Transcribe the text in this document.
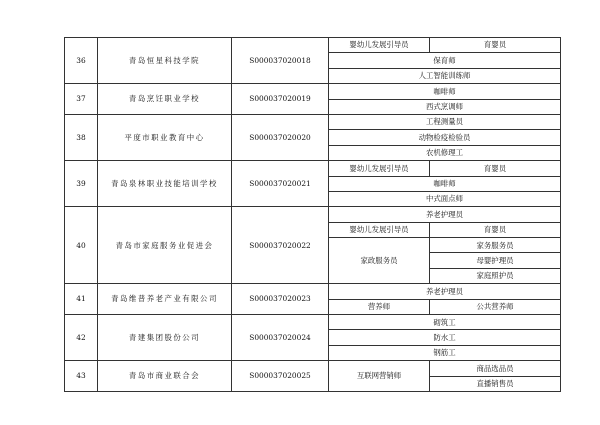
36	青岛恒星科技学院	S000037020018	婴幼儿发展引导员	育婴员	
			保育师	
			人工智能训练师	
37	青岛烹饪职业学校	S000037020019	咖啡师	
			西式烹调师	
38	平度市职业教育中心	S000037020020	工程测量员	
			动物检疫检验员	
			农机修理工	
39	青岛泉林职业技能培训学校	S000037020021	婴幼儿发展引导员	育婴员	
			咖啡师	
			中式面点师	
40	青岛市家庭服务业促进会	S000037020022	养老护理员	
			婴幼儿发展引导员	育婴员	
			家政服务员	家务服务员	
				母婴护理员	
				家庭照护员	
41	青岛维普养老产业有限公司	S000037020023	养老护理员	
			营养师	公共营养师	
42	青建集团股份公司	S000037020024	砌筑工	
			防水工	
			钢筋工	
43	青岛市商业联合会	S000037020025	互联网营销师	商品选品员	
				直播销售员	
